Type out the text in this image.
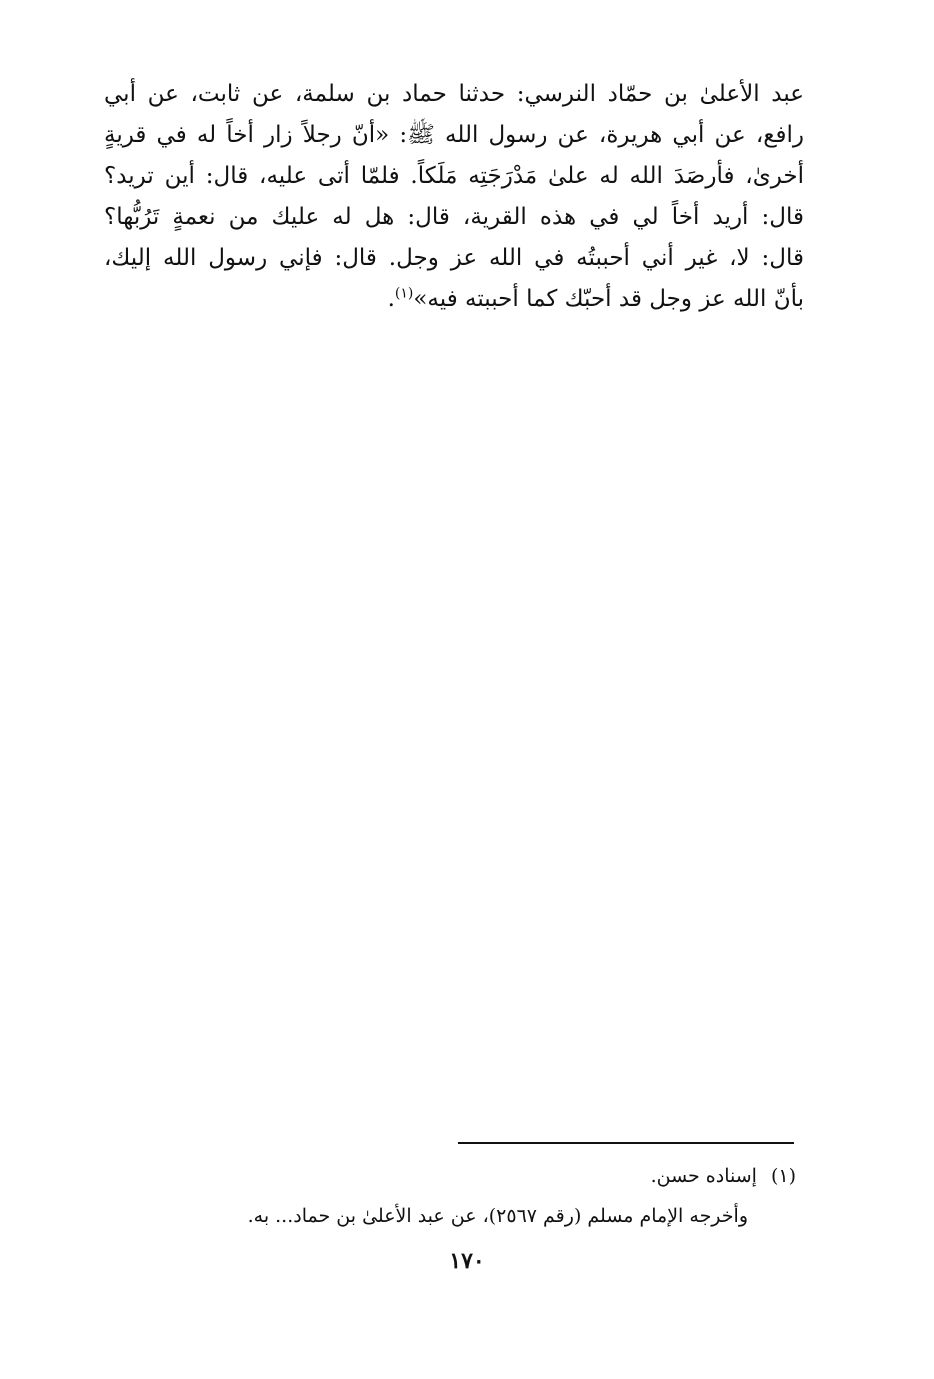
عبد الأعلىٰ بن حمّاد النرسي: حدثنا حماد بن سلمة، عن ثابت، عن أبي
رافع، عن أبي هريرة، عن رسول الله ﷺ: «أنّ رجلاً زار أخاً له في قريةٍ
أخرىٰ، فأرصَدَ الله له علىٰ مَدْرَجَتِه مَلَكاً. فلمّا أتى عليه، قال: أين تريد؟
قال: أريد أخاً لي في هذه القرية، قال: هل له عليك من نعمةٍ تَرُبُّها؟
قال: لا، غير أني أحببتُه في الله عز وجل. قال: فإني رسول الله إليك،
بأنّ الله عز وجل قد أحبّك كما أحببته فيه»$^{(١)}$.
(١)إسناده حسن.
وأخرجه الإمام مسلم (رقم ٢٥٦٧)، عن عبد الأعلىٰ بن حماد... به.
١٧٠
